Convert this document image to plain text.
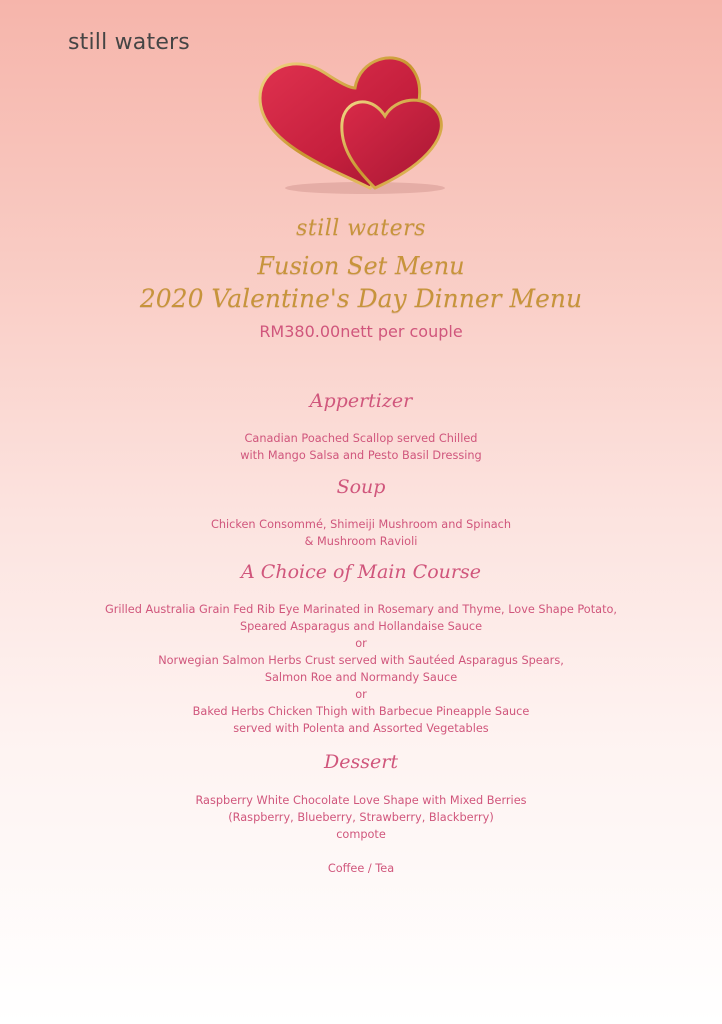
still waters
still waters
Fusion Set Menu
2020 Valentine's Day Dinner Menu
RM380.00nett per couple
Appertizer
Canadian Poached Scallop served Chilled
with Mango Salsa and Pesto Basil Dressing
Soup
Chicken Consommé, Shimeiji Mushroom and Spinach
& Mushroom Ravioli
A Choice of Main Course
Grilled Australia Grain Fed Rib Eye Marinated in Rosemary and Thyme, Love Shape Potato,
Speared Asparagus and Hollandaise Sauce
or
Norwegian Salmon Herbs Crust served with Sautéed Asparagus Spears,
Salmon Roe and Normandy Sauce
or
Baked Herbs Chicken Thigh with Barbecue Pineapple Sauce
served with Polenta and Assorted Vegetables
Dessert
Raspberry White Chocolate Love Shape with Mixed Berries
(Raspberry, Blueberry, Strawberry, Blackberry)
compote
Coffee / Tea
